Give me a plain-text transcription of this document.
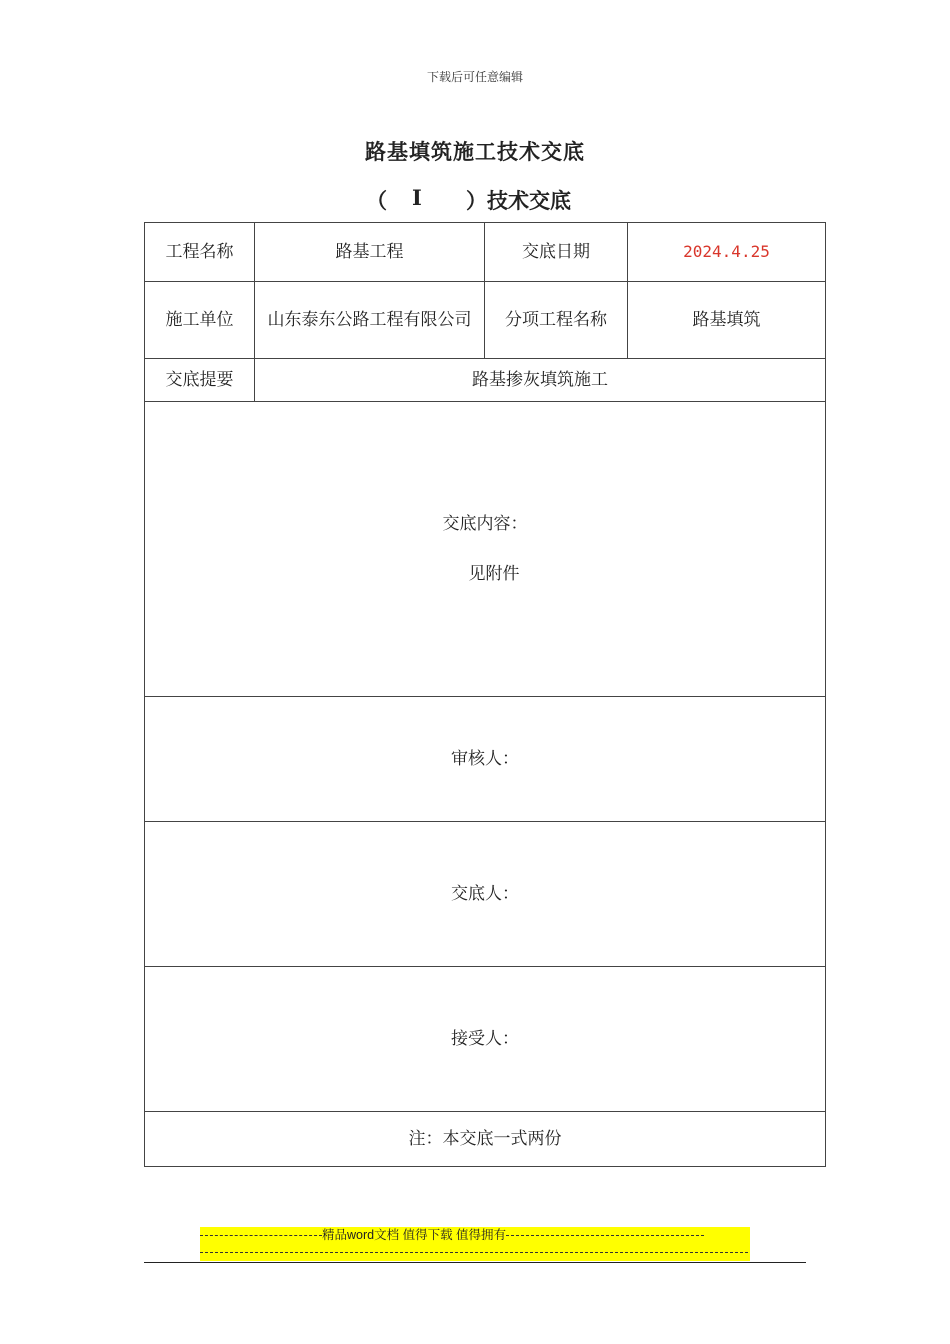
下载后可任意编辑
路基填筑施工技术交底
（ Ⅰ ）技术交底
工程名称	路基工程	交底日期	2024.4.25
施工单位	山东泰东公路工程有限公司	分项工程名称	路基填筑
交底提要	路基掺灰填筑施工		
交底内容：
见附件			

审核人：			
交底人：			
接受人：			
注：本交底一式两份			
精品word文档 值得下载 值得拥有
